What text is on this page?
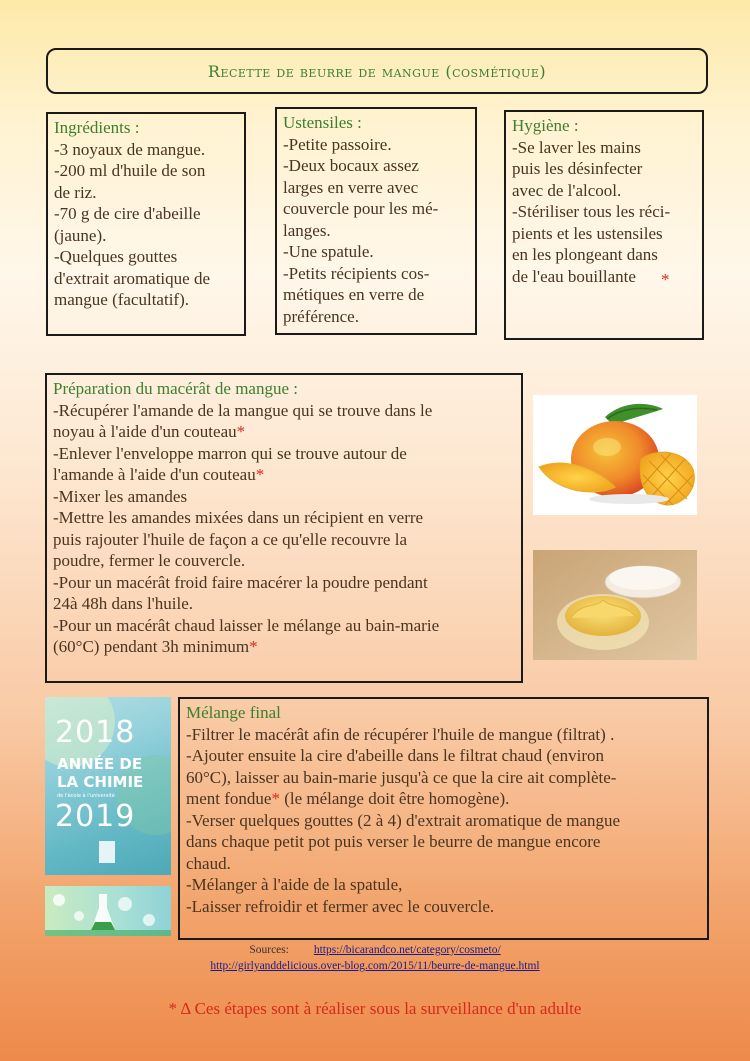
Recette de beurre de mangue (cosmétique)
Ingrédients :
-3 noyaux de mangue.
-200 ml d'huile de son
de riz.
-70 g de cire d'abeille
(jaune).
-Quelques gouttes
d'extrait aromatique de
mangue (facultatif).
Ustensiles :
-Petite passoire.
-Deux bocaux assez
larges en verre avec
couvercle pour les mé-
langes.
-Une spatule.
-Petits récipients cos-
métiques en verre de
préférence.
Hygiène :
-Se laver les mains
puis les désinfecter
avec de l'alcool.
-Stériliser tous les réci-
pients et les ustensiles
en les plongeant dans
de l'eau bouillante	*
Préparation du macérât de mangue :
-Récupérer l'amande de la mangue qui se trouve dans le
noyau à l'aide d'un couteau*
-Enlever l'enveloppe marron qui se trouve autour de
l'amande à l'aide d'un couteau*
-Mixer les amandes
-Mettre les amandes mixées dans un récipient en verre
puis rajouter l'huile de façon a ce qu'elle recouvre la
poudre, fermer le couvercle.
-Pour un macérât froid faire macérer la poudre pendant
24à 48h dans l'huile.
-Pour un macérât chaud laisser le mélange au bain-marie
(60°C) pendant 3h minimum*
2018
ANNÉE DE
LA CHIMIE
de l'école à l'université
2019
Mélange final
-Filtrer le macérât afin de récupérer l'huile de mangue (filtrat) .
-Ajouter ensuite la cire d'abeille dans le filtrat chaud (environ
60°C), laisser au bain-marie jusqu'à ce que la cire ait complète-
ment fondue* (le mélange doit être homogène).
-Verser quelques gouttes (2 à 4) d'extrait aromatique de mangue
dans chaque petit pot puis verser le beurre de mangue encore
chaud.
-Mélanger à l'aide de la spatule,
-Laisser refroidir et fermer avec le couvercle.
Sources: https://bicarandco.net/category/cosmeto/
http://girlyanddelicious.over-blog.com/2015/11/beurre-de-mangue.html
* Δ Ces étapes sont à réaliser sous la surveillance d'un adulte
